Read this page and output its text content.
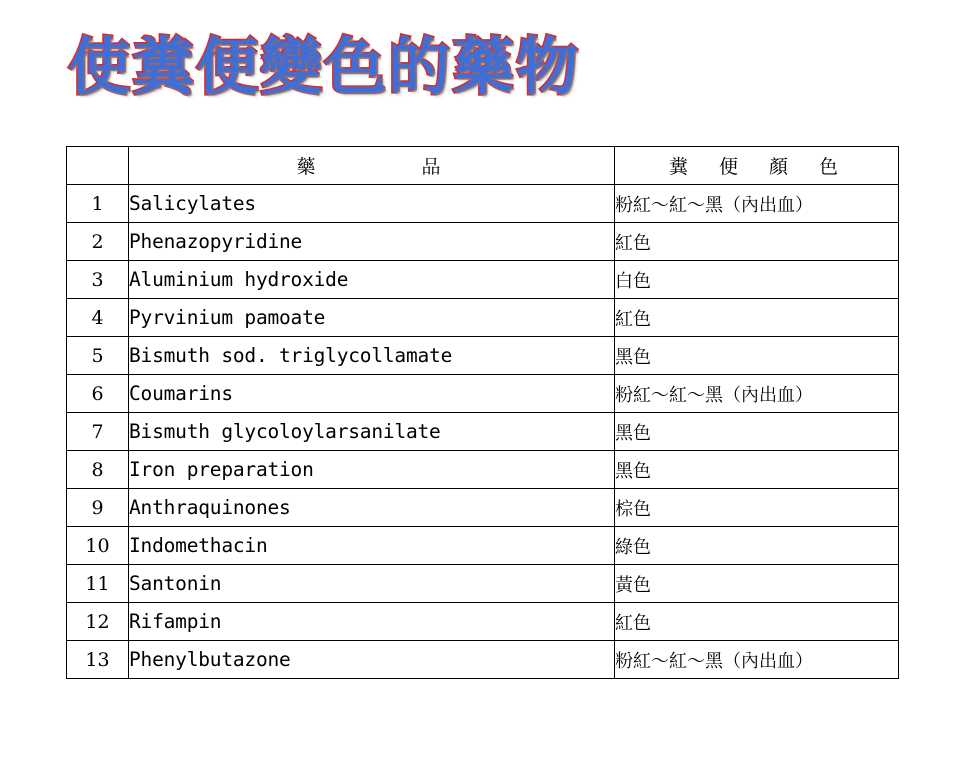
使糞便變色的藥物
	藥　　　　品	糞　便　顏　色
1	Salicylates	粉紅～紅～黑（內出血）
2	Phenazopyridine	紅色
3	Aluminium hydroxide	白色
4	Pyrvinium pamoate	紅色
5	Bismuth sod. triglycollamate	黑色
6	Coumarins	粉紅～紅～黑（內出血）
7	Bismuth glycoloylarsanilate	黑色
8	Iron preparation	黑色
9	Anthraquinones	棕色
10	Indomethacin	綠色
11	Santonin	黃色
12	Rifampin	紅色
13	Phenylbutazone	粉紅～紅～黑（內出血）
